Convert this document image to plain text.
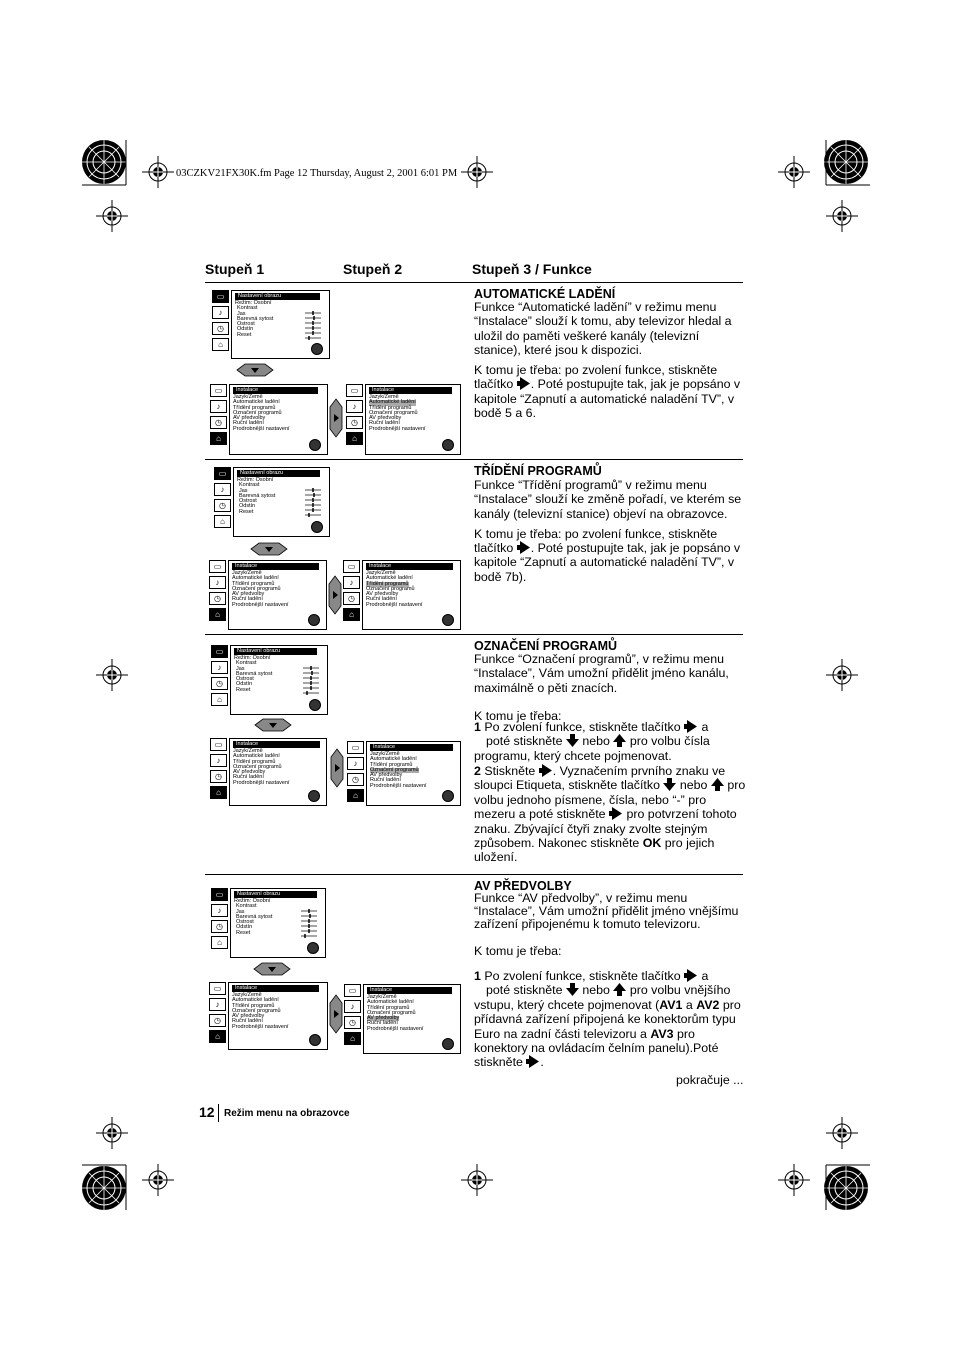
03CZKV21FX30K.fm Page 12 Thursday, August 2, 2001 6:01 PM
Stupeň 1	Stupeň 2	Stupeň 3 / Funkce
▭
♪
◷
⌂
Nastavení obrazu
Režim: Osobní
Kontrast
Jas
Barevná sytost
Ostrost
Odstín
Reset
▭
♪
◷
⌂
Instalace
Jazyk/Země
Automatické ladění
Třídění programů
Označení programů
AV předvolby
Ruční ladění
Prodrobnější nastavení
▭
♪
◷
⌂
Instalace
Jazyk/Země
Automatické ladění
Třídění programů
Označení programů
AV předvolby
Ruční ladění
Prodrobnější nastavení
AUTOMATICKÉ LADĚNÍ

Funkce “Automatické ladění” v režimu menu “Instalace” slouží k tomu, aby televizor hledal a uložil do paměti veškeré kanály (televizní stanice), které jsou k dispozici.

K tomu je třeba: po zvolení funkce, stiskněte tlačítko . Poté postupujte tak, jak je popsáno v kapitole “Zapnutí a automatické naladění TV”, v bodě 5 a 6.

▭
♪
◷
⌂
Nastavení obrazu
Režim: Osobní
Kontrast
Jas
Barevná sytost
Ostrost
Odstín
Reset
▭
♪
◷
⌂
Instalace
Jazyk/Země
Automatické ladění
Třídění programů
Označení programů
AV předvolby
Ruční ladění
Prodrobnější nastavení
▭
♪
◷
⌂
Instalace
Jazyk/Země
Automatické ladění
Třídění programů
Označení programů
AV předvolby
Ruční ladění
Prodrobnější nastavení
TŘÍDĚNÍ PROGRAMŮ

Funkce “Třídění programů” v režimu menu “Instalace” slouží ke změně pořadí, ve kterém se kanály (televizní stanice) objeví na obrazovce.

K tomu je třeba: po zvolení funkce, stiskněte tlačítko . Poté postupujte tak, jak je popsáno v kapitole “Zapnutí a automatické naladění TV”, v bodě 7b).

▭
♪
◷
⌂
Nastavení obrazu
Režim: Osobní
Kontrast
Jas
Barevná sytost
Ostrost
Odstín
Reset
▭
♪
◷
⌂
Instalace
Jazyk/Země
Automatické ladění
Třídění programů
Označení programů
AV předvolby
Ruční ladění
Prodrobnější nastavení
▭
♪
◷
⌂
Instalace
Jazyk/Země
Automatické ladění
Třídění programů
Označení programů
AV předvolby
Ruční ladění
Prodrobnější nastavení
OZNAČENÍ PROGRAMŮ

Funkce “Označení programů”, v režimu menu “Instalace”, Vám umožní přidělit jméno kanálu, maximálně o pěti znacích.

K tomu je třeba:

1 Po zvolení funkce, stiskněte tlačítko  a
poté stiskněte  nebo  pro volbu čísla programu, který chcete pojmenovat.
2 Stiskněte . Vyznačením prvního znaku ve sloupci Etiqueta, stiskněte tlačítko  nebo  pro volbu jednoho písmene, čísla, nebo “-” pro mezeru a poté stiskněte  pro potvrzení tohoto znaku. Zbývající čtyři znaky zvolte stejným způsobem. Nakonec stiskněte OK pro jejich uložení.
▭
♪
◷
⌂
Nastavení obrazu
Režim: Osobní
Kontrast
Jas
Barevná sytost
Ostrost
Odstín
Reset
▭
♪
◷
⌂
Instalace
Jazyk/Země
Automatické ladění
Třídění programů
Označení programů
AV předvolby
Ruční ladění
Prodrobnější nastavení
▭
♪
◷
⌂
Instalace
Jazyk/Země
Automatické ladění
Třídění programů
Označení programů
AV předvolby
Ruční ladění
Prodrobnější nastavení
AV PŘEDVOLBY

Funkce “AV předvolby”, v režimu menu “Instalace”, Vám umožní přidělit jméno vnějšímu zařízení připojenému k tomuto televizoru.

K tomu je třeba:

1 Po zvolení funkce, stiskněte tlačítko  a
poté stiskněte  nebo  pro volbu vnějšího vstupu, který chcete pojmenovat (AV1 a AV2 pro přídavná zařízení připojená ke konektorům typu Euro na zadní části televizoru a AV3 pro konektory na ovládacím čelním panelu).Poté stiskněte .
pokračuje ...
12 Režim menu na obrazovce
